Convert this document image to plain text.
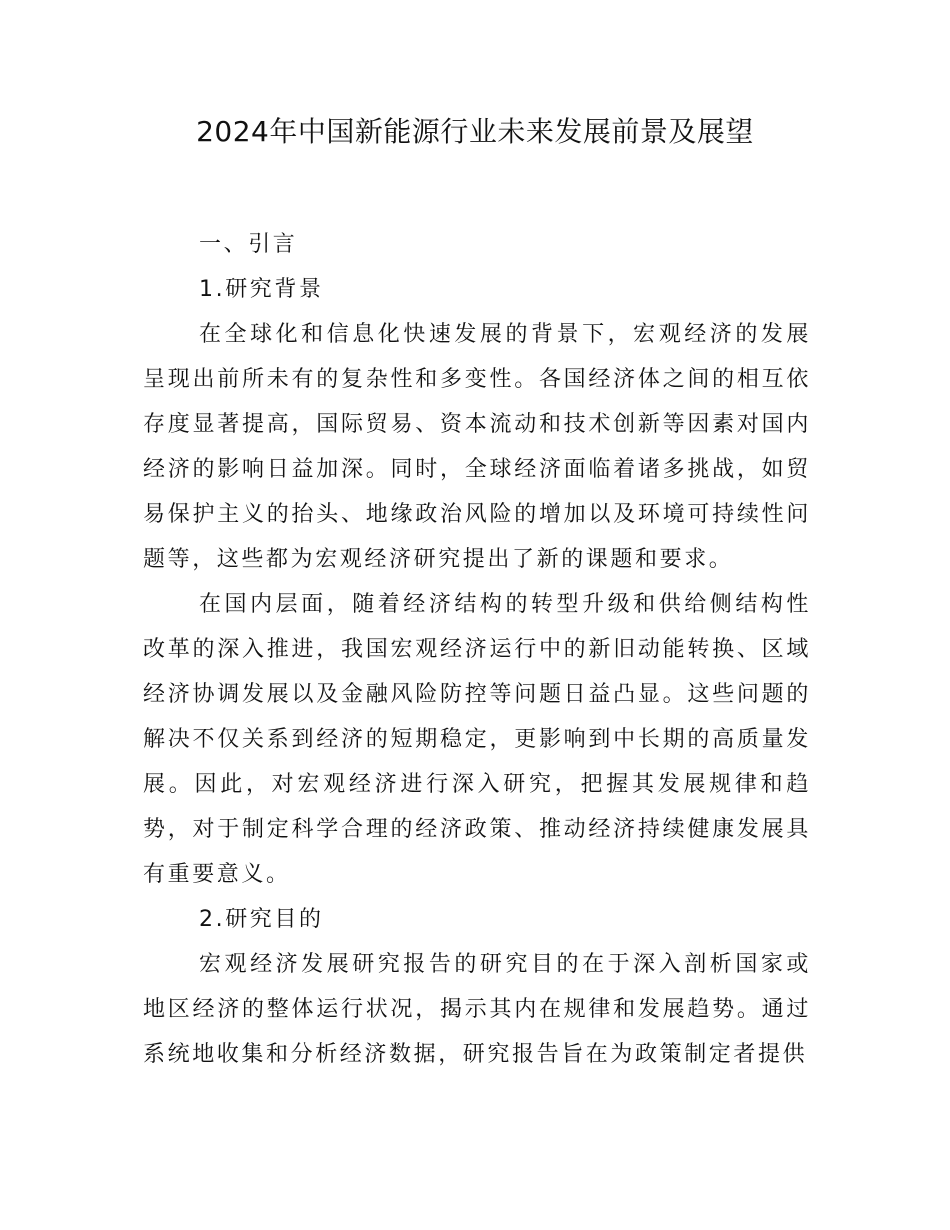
2024年中国新能源行业未来发展前景及展望

一、引言

1.研究背景

在全球化和信息化快速发展的背景下，宏观经济的发展呈现出前所未有的复杂性和多变性。各国经济体之间的相互依存度显著提高，国际贸易、资本流动和技术创新等因素对国内经济的影响日益加深。同时，全球经济面临着诸多挑战，如贸易保护主义的抬头、地缘政治风险的增加以及环境可持续性问题等，这些都为宏观经济研究提出了新的课题和要求。

在国内层面，随着经济结构的转型升级和供给侧结构性改革的深入推进，我国宏观经济运行中的新旧动能转换、区域经济协调发展以及金融风险防控等问题日益凸显。这些问题的解决不仅关系到经济的短期稳定，更影响到中长期的高质量发展。因此，对宏观经济进行深入研究，把握其发展规律和趋势，对于制定科学合理的经济政策、推动经济持续健康发展具有重要意义。

2.研究目的

宏观经济发展研究报告的研究目的在于深入剖析国家或地区经济的整体运行状况，揭示其内在规律和发展趋势。通过系统地收集和分析经济数据，研究报告旨在为政策制定者提供
